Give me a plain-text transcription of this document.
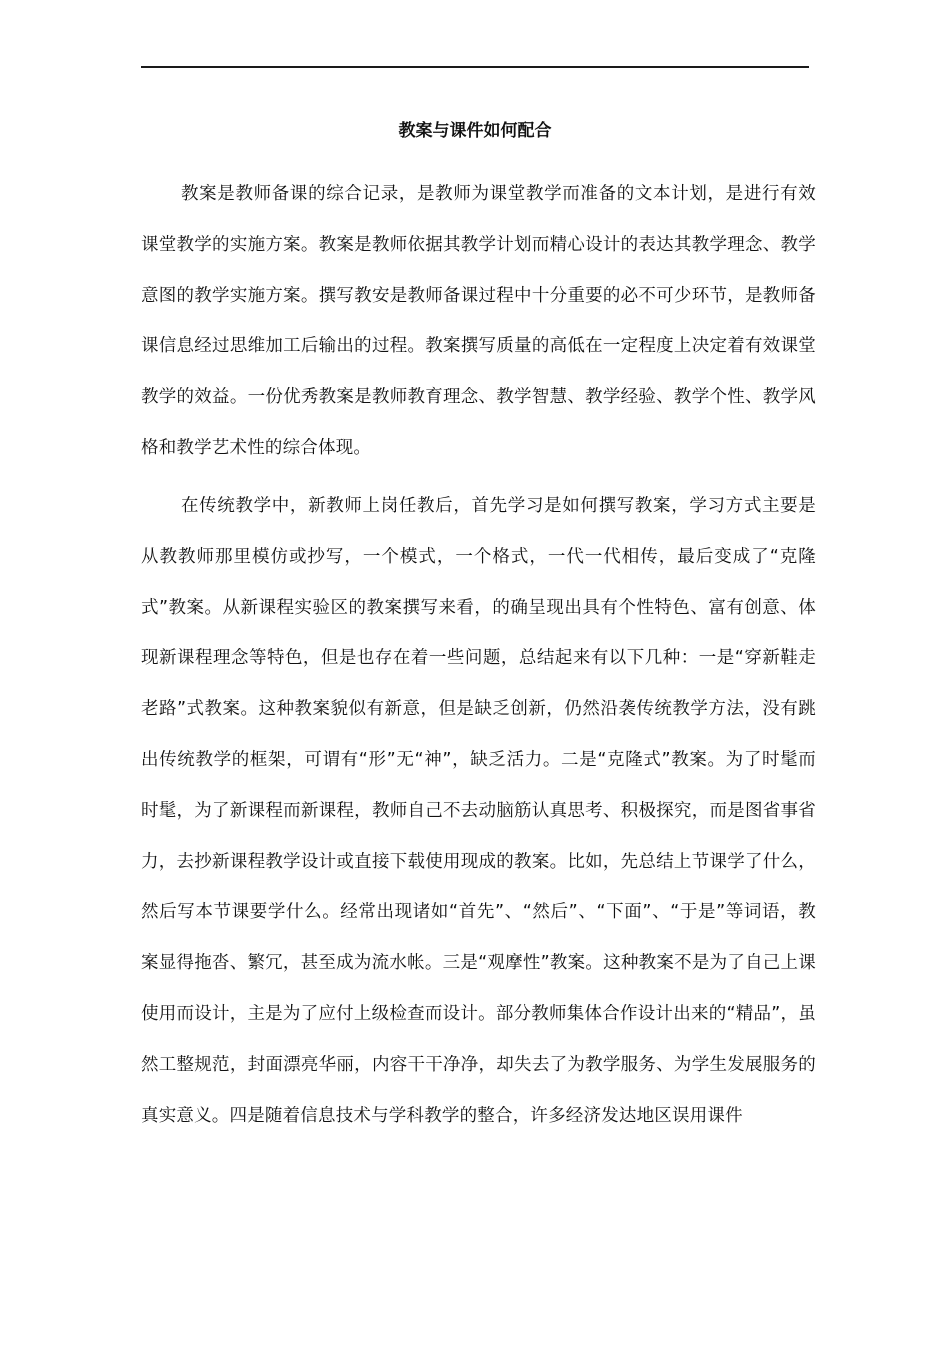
教案与课件如何配合

教案是教师备课的综合记录，是教师为课堂教学而准备的文本计划，是进行有效课堂教学的实施方案。教案是教师依据其教学计划而精心设计的表达其教学理念、教学意图的教学实施方案。撰写教安是教师备课过程中十分重要的必不可少环节，是教师备课信息经过思维加工后输出的过程。教案撰写质量的高低在一定程度上决定着有效课堂教学的效益。一份优秀教案是教师教育理念、教学智慧、教学经验、教学个性、教学风格和教学艺术性的综合体现。

在传统教学中，新教师上岗任教后，首先学习是如何撰写教案，学习方式主要是从教教师那里模仿或抄写，一个模式，一个格式，一代一代相传，最后变成了“克隆式”教案。从新课程实验区的教案撰写来看，的确呈现出具有个性特色、富有创意、体现新课程理念等特色，但是也存在着一些问题，总结起来有以下几种：一是“穿新鞋走老路”式教案。这种教案貌似有新意，但是缺乏创新，仍然沿袭传统教学方法，没有跳出传统教学的框架，可谓有“形”无“神”，缺乏活力。二是“克隆式”教案。为了时髦而时髦，为了新课程而新课程，教师自己不去动脑筋认真思考、积极探究，而是图省事省力，去抄新课程教学设计或直接下载使用现成的教案。比如，先总结上节课学了什么，然后写本节课要学什么。经常出现诸如“首先”、“然后”、“下面”、“于是”等词语，教案显得拖沓、繁冗，甚至成为流水帐。三是“观摩性”教案。这种教案不是为了自己上课使用而设计，主是为了应付上级检查而设计。部分教师集体合作设计出来的“精品”，虽然工整规范，封面漂亮华丽，内容干干净净，却失去了为教学服务、为学生发展服务的真实意义。四是随着信息技术与学科教学的整合，许多经济发达地区误用课件
